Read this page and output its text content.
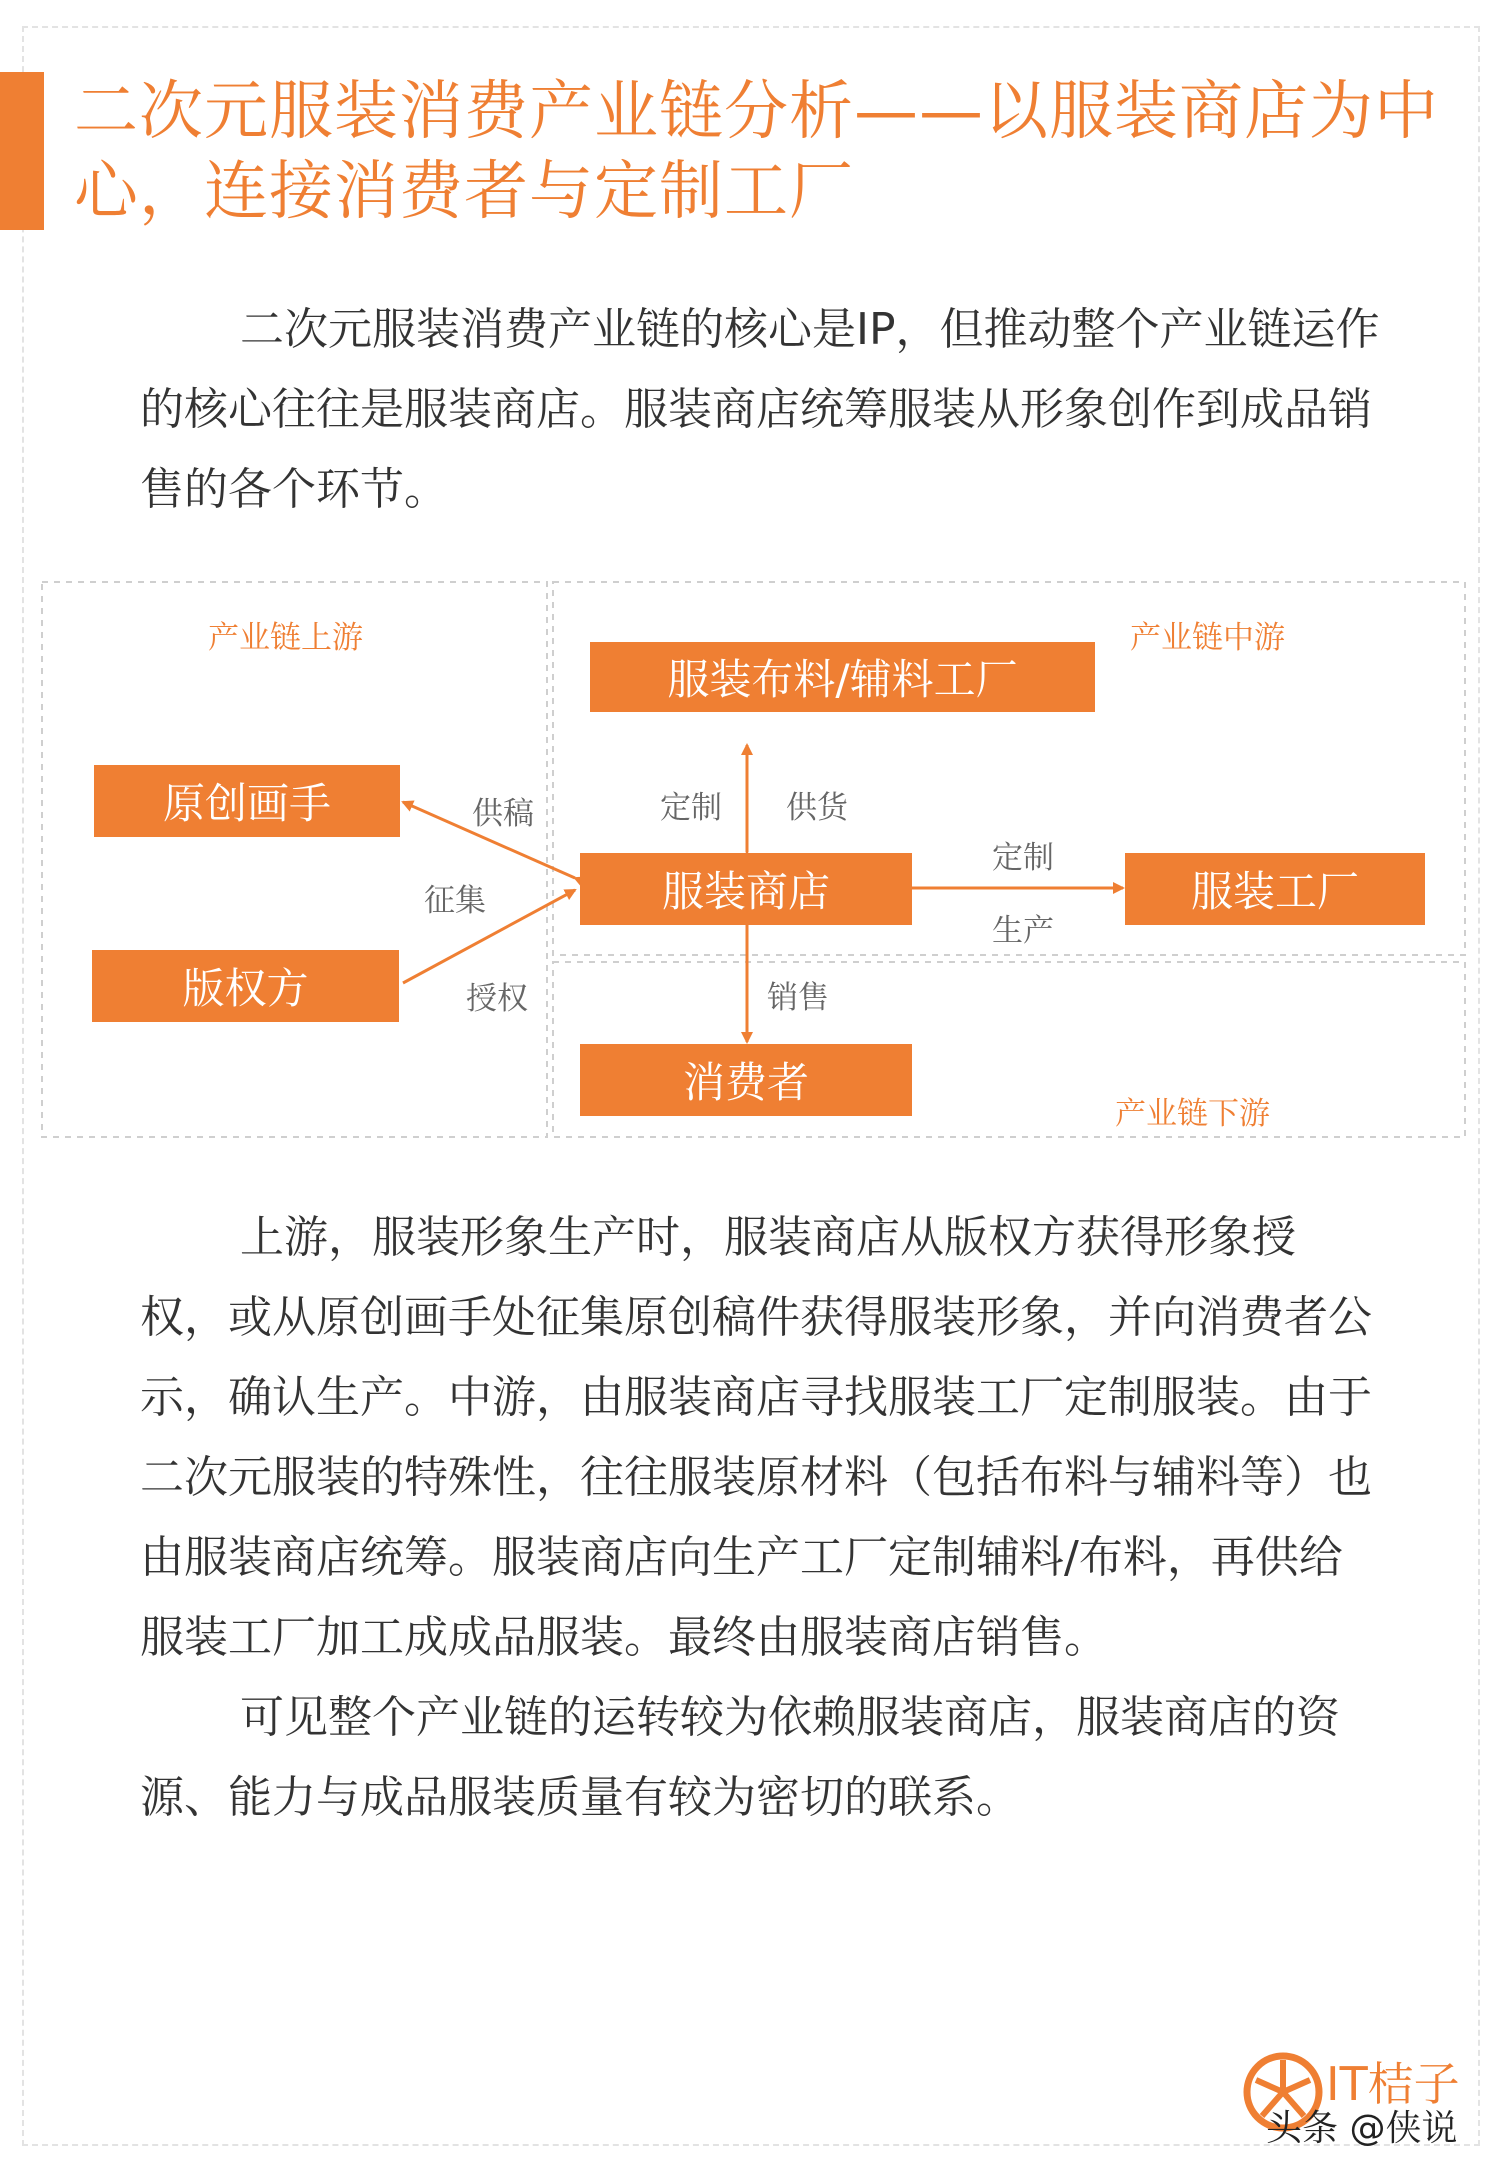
二次元服装消费产业链分析——以服装商店为中心，连接消费者与定制工厂

二次元服装消费产业链的核心是IP，但推动整个产业链运作的核心往往是服装商店。服装商店统筹服装从形象创作到成品销售的各个环节。

产业链上游	产业链中游
产业链下游
服装布料/辅料工厂
原创画手
版权方
服装商店	服装工厂
消费者
供稿
征集
授权
定制 供货
定制
生产
销售

上游，服装形象生产时，服装商店从版权方获得形象授权，或从原创画手处征集原创稿件获得服装形象，并向消费者公示，确认生产。中游，由服装商店寻找服装工厂定制服装。由于二次元服装的特殊性，往往服装原材料（包括布料与辅料等）也由服装商店统筹。服装商店向生产工厂定制辅料/布料，再供给服装工厂加工成成品服装。最终由服装商店销售。

可见整个产业链的运转较为依赖服装商店，服装商店的资源、能力与成品服装质量有较为密切的联系。

IT桔子
头条 @侠说
